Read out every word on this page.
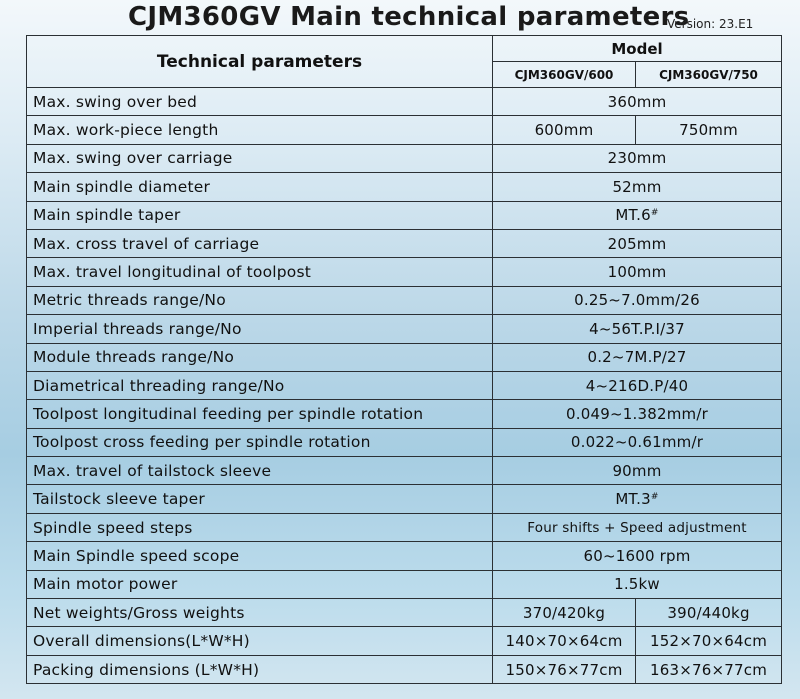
CJM360GV Main technical parameters
Version: 23.E1
Technical parameters	Model	
	CJM360GV/600	CJM360GV/750
Max. swing over bed	360mm	
Max. work-piece length	600mm	750mm
Max. swing over carriage	230mm	
Main spindle diameter	52mm	
Main spindle taper	MT.6#
Max. cross travel of carriage	205mm	
Max. travel longitudinal of toolpost	100mm	
Metric threads range/No	0.25~7.0mm/26	
Imperial threads range/No	4~56T.P.I/37	
Module threads range/No	0.2~7M.P/27	
Diametrical threading range/No	4~216D.P/40	
Toolpost longitudinal feeding per spindle rotation	0.049~1.382mm/r	
Toolpost cross feeding per spindle rotation	0.022~0.61mm/r	
Max. travel of tailstock sleeve	90mm	
Tailstock sleeve taper	MT.3#
Spindle speed steps	Four shifts + Speed adjustment	
Main Spindle speed scope	60~1600 rpm	
Main motor power	1.5kw	
Net weights/Gross weights	370/420kg	390/440kg
Overall dimensions(L*W*H)	140×70×64cm	152×70×64cm
Packing dimensions (L*W*H)	150×76×77cm	163×76×77cm
